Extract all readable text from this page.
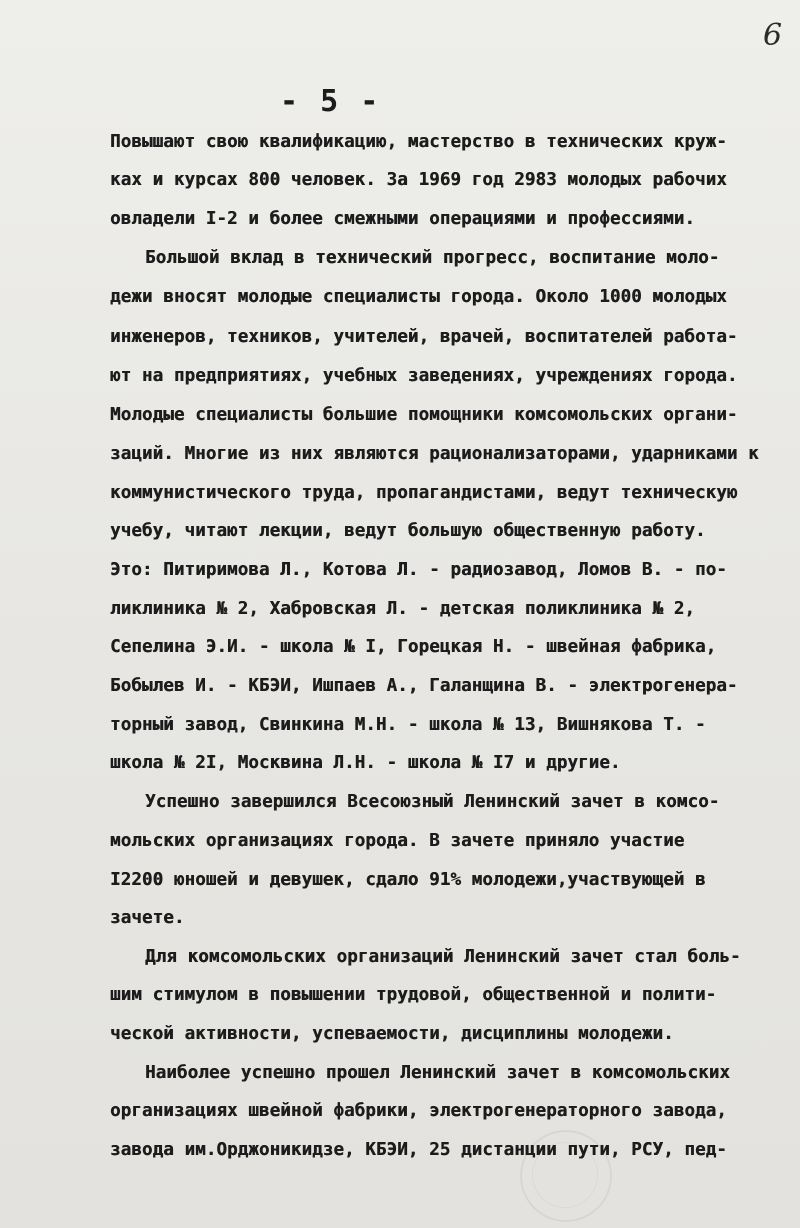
6
- 5 -
Повышают свою квалификацию, мастерство в технических круж-
ках и курсах 800 человек. За 1969 год 2983 молодых рабочих
овладели I-2 и более смежными операциями и профессиями.
Большой вклад в технический прогресс, воспитание моло-
дежи вносят молодые специалисты города. Около 1000 молодых
инженеров, техников, учителей, врачей, воспитателей работа-
ют на предприятиях, учебных заведениях, учреждениях города.
Молодые специалисты большие помощники комсомольских органи-
заций. Многие из них являются рационализаторами, ударниками к
коммунистического труда, пропагандистами, ведут техническую
учебу, читают лекции, ведут большую общественную работу.
Это: Питиримова Л., Котова Л. - радиозавод, Ломов В. - по-
ликлиника № 2, Хабровская Л. - детская поликлиника № 2,
Сепелина Э.И. - школа № I, Горецкая Н. - швейная фабрика,
Бобылев И. - КБЭИ, Ишпаев А., Галанщина В. - электрогенера-
торный завод, Свинкина М.Н. - школа № 13, Вишнякова Т. -
школа № 2I, Москвина Л.Н. - школа № I7 и другие.
Успешно завершился Всесоюзный Ленинский зачет в комсо-
мольских организациях города. В зачете приняло участие
I2200 юношей и девушек, сдало 91% молодежи,участвующей в
зачете.
Для комсомольских организаций Ленинский зачет стал боль-
шим стимулом в повышении трудовой, общественной и полити-
ческой активности, успеваемости, дисциплины молодежи.
Наиболее успешно прошел Ленинский зачет в комсомольских
организациях швейной фабрики, электрогенераторного завода,
завода им.Орджоникидзе, КБЭИ, 25 дистанции пути, РСУ, пед-
